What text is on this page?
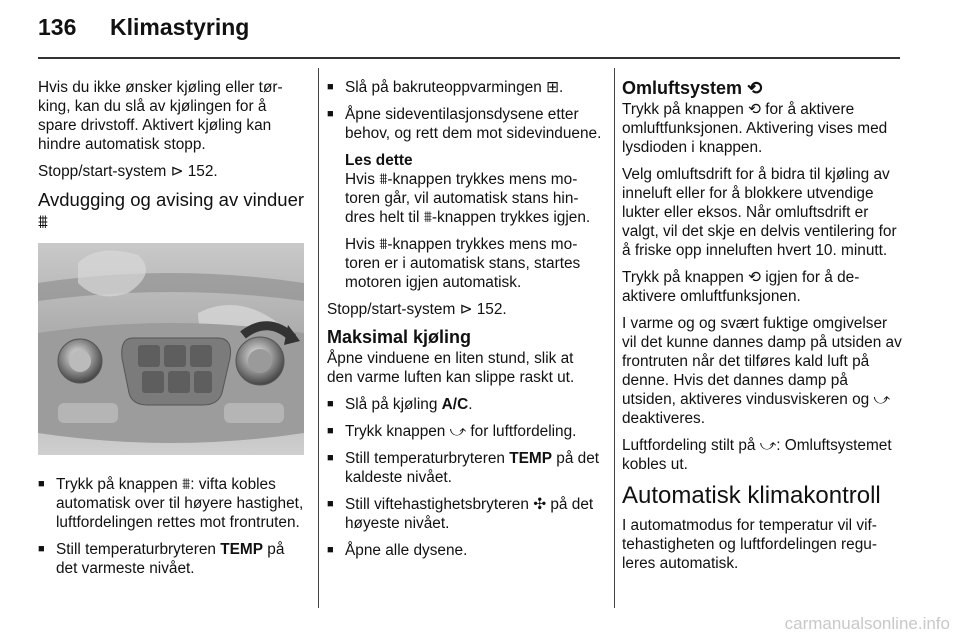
136 Klimastyring

Hvis du ikke ønsker kjøling eller tørking, kan du slå av kjølingen for å spare drivstoff. Aktivert kjøling kan hindre automatisk stopp.

Stopp/start-system ⊳ 152.

Avdugging og avising av vinduer ⩩
■ Trykk på knappen ⩩: vifta kobles automatisk over til høyere hastighet, luftfordelingen rettes mot frontruten.
■ Still temperaturbryteren TEMP på det varmeste nivået.
■ Slå på bakruteoppvarmingen ⊞.
■ Åpne sideventilasjonsdysene etter behov, og rett dem mot sidevinduene.

Les dette

Hvis ⩩-knappen trykkes mens motoren går, vil automatisk stans hindres helt til ⩩-knappen trykkes igjen.

Hvis ⩩-knappen trykkes mens motoren er i automatisk stans, startes motoren igjen automatisk.

Stopp/start-system ⊳ 152.

Maksimal kjøling

Åpne vinduene en liten stund, slik at den varme luften kan slippe raskt ut.

■ Slå på kjøling A/C.
■ Trykk knappen ⤻ for luftfordeling.
■ Still temperaturbryteren TEMP på det kaldeste nivået.
■ Still viftehastighetsbryteren ✣ på det høyeste nivået.
■ Åpne alle dysene.
Omluftsystem ⟲

Trykk på knappen ⟲ for å aktivere omluftfunksjonen. Aktivering vises med lysdioden i knappen.

Velg omluftsdrift for å bidra til kjøling av inneluft eller for å blokkere utvendige lukter eller eksos. Når omluftsdrift er valgt, vil det skje en delvis ventilering for å friske opp inneluften hvert 10. minutt.

Trykk på knappen ⟲ igjen for å deaktivere omluftfunksjonen.

I varme og og svært fuktige omgivelser vil det kunne dannes damp på utsiden av frontruten når det tilføres kald luft på denne. Hvis det dannes damp på utsiden, aktiveres vindusviskeren og ⤻ deaktiveres.

Luftfordeling stilt på ⤻: Omluftsystemet kobles ut.

Automatisk klimakontroll

I automatmodus for temperatur vil viftehastigheten og luftfordelingen reguleres automatisk.

carmanualsonline.info
